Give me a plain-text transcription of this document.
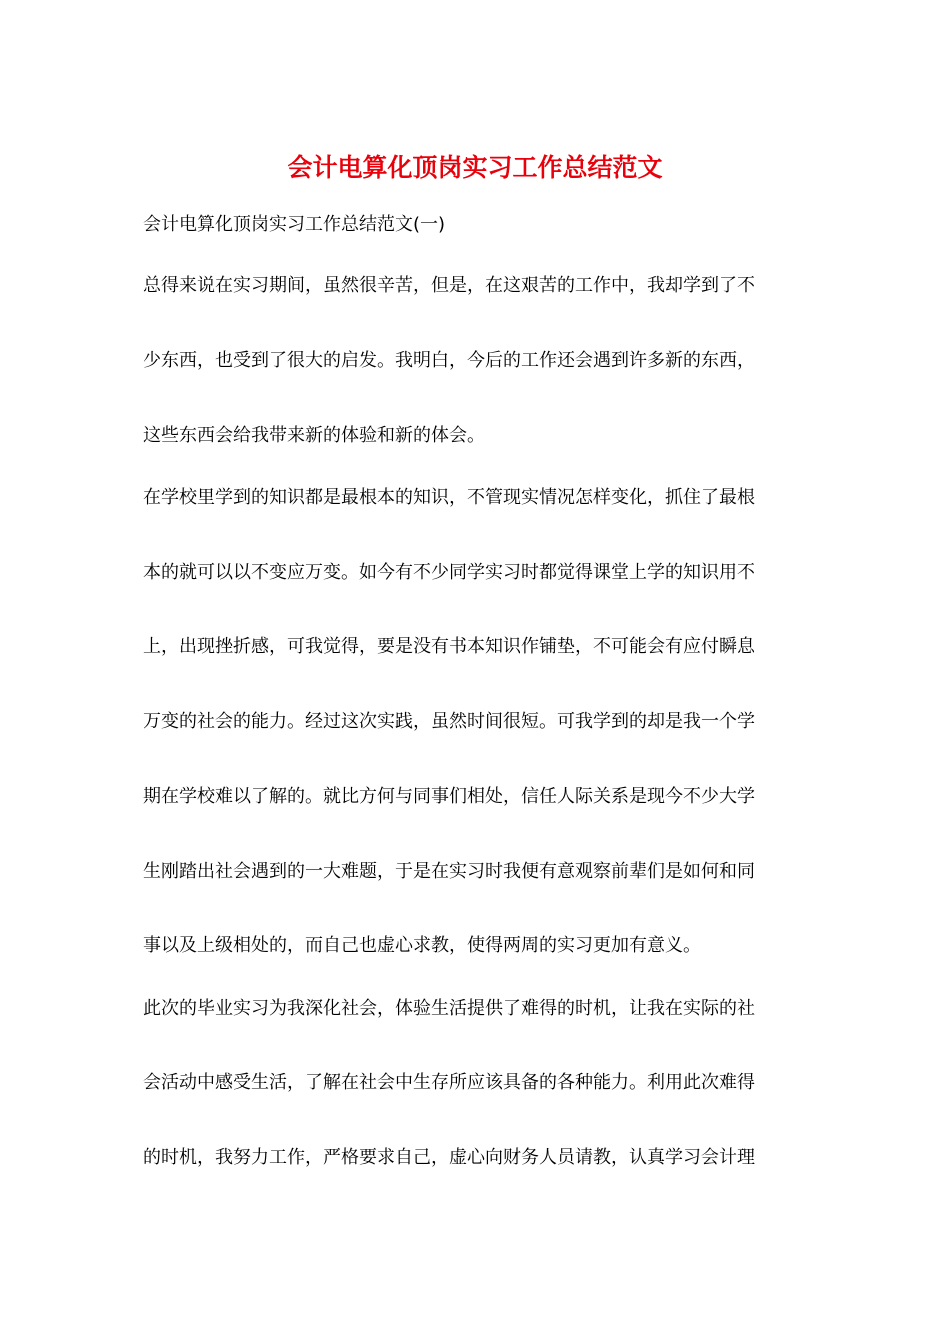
会计电算化顶岗实习工作总结范文
会计电算化顶岗实习工作总结范文(一)
总得来说在实习期间，虽然很辛苦，但是，在这艰苦的工作中，我却学到了不
少东西，也受到了很大的启发。我明白，今后的工作还会遇到许多新的东西，
这些东西会给我带来新的体验和新的体会。
在学校里学到的知识都是最根本的知识，不管现实情况怎样变化，抓住了最根
本的就可以以不变应万变。如今有不少同学实习时都觉得课堂上学的知识用不
上，出现挫折感，可我觉得，要是没有书本知识作铺垫，不可能会有应付瞬息
万变的社会的能力。经过这次实践，虽然时间很短。可我学到的却是我一个学
期在学校难以了解的。就比方何与同事们相处，信任人际关系是现今不少大学
生刚踏出社会遇到的一大难题，于是在实习时我便有意观察前辈们是如何和同
事以及上级相处的，而自己也虚心求教，使得两周的实习更加有意义。
此次的毕业实习为我深化社会，体验生活提供了难得的时机，让我在实际的社
会活动中感受生活，了解在社会中生存所应该具备的各种能力。利用此次难得
的时机，我努力工作，严格要求自己，虚心向财务人员请教，认真学习会计理
